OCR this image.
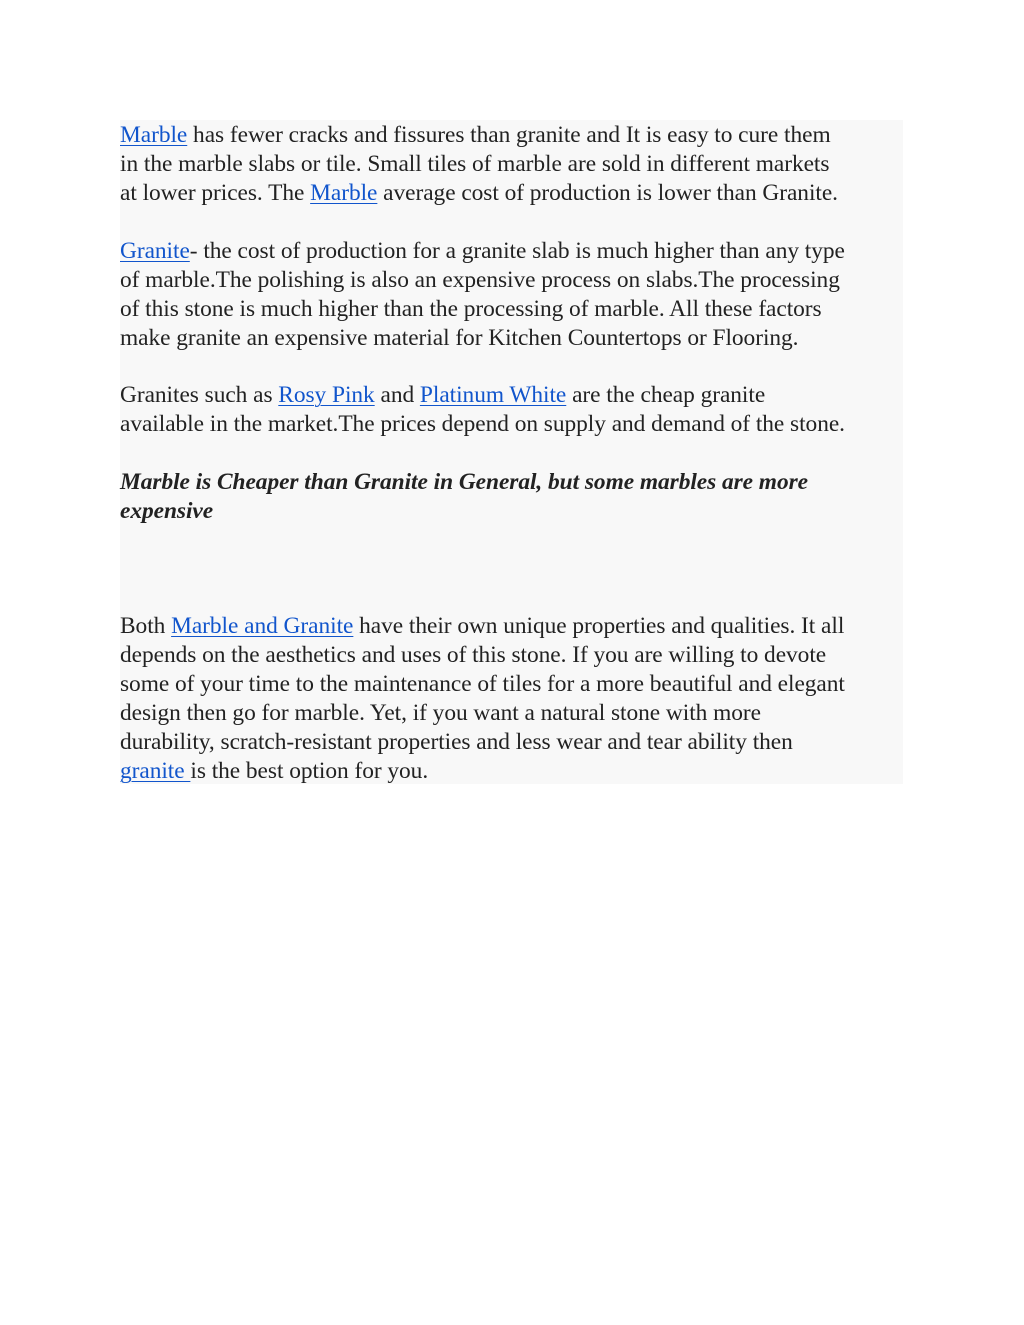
Marble has fewer cracks and fissures than granite and It is easy to cure them
in the marble slabs or tile. Small tiles of marble are sold in different markets
at lower prices. The Marble average cost of production is lower than Granite.

Granite- the cost of production for a granite slab is much higher than any type
of marble.The polishing is also an expensive process on slabs.The processing
of this stone is much higher than the processing of marble. All these factors
make granite an expensive material for Kitchen Countertops or Flooring.

Granites such as Rosy Pink and Platinum White are the cheap granite
available in the market.The prices depend on supply and demand of the stone.

Marble is Cheaper than Granite in General, but some marbles are more
expensive

Both Marble and Granite have their own unique properties and qualities. It all
depends on the aesthetics and uses of this stone. If you are willing to devote
some of your time to the maintenance of tiles for a more beautiful and elegant
design then go for marble. Yet, if you want a natural stone with more
durability, scratch-resistant properties and less wear and tear ability then
granite is the best option for you.
